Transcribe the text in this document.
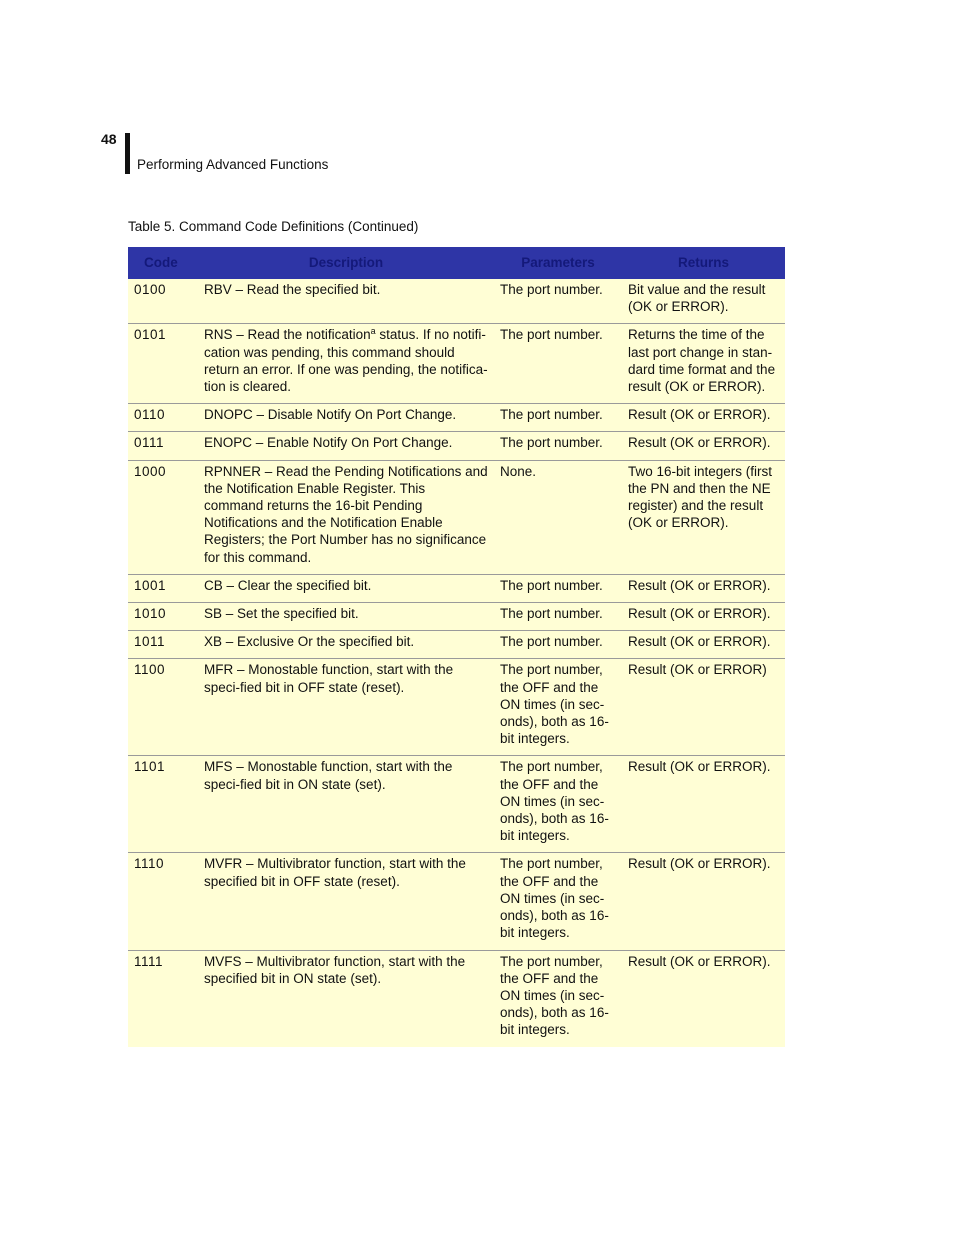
48
Performing Advanced Functions
Table 5. Command Code Definitions (Continued)
Code	Description	Parameters	Returns
0100	RBV – Read the specified bit.	The port number.	Bit value and the result (OK or ERROR).
0101	RNS – Read the notification$^a$ status. If no notifi-cation was pending, this command should return an error. If one was pending, the notifica-tion is cleared.	The port number.	Returns the time of the last port change in stan-dard time format and the result (OK or ERROR).
0110	DNOPC – Disable Notify On Port Change.	The port number.	Result (OK or ERROR).
0111	ENOPC – Enable Notify On Port Change.	The port number.	Result (OK or ERROR).
1000	RPNNER – Read the Pending Notifications and the Notification Enable Register. This command returns the 16-bit Pending Notifications and the Notification Enable Registers; the Port Number has no significance for this command.	None.	Two 16-bit integers (first the PN and then the NE register) and the result (OK or ERROR).
1001	CB – Clear the specified bit.	The port number.	Result (OK or ERROR).
1010	SB – Set the specified bit.	The port number.	Result (OK or ERROR).
1011	XB – Exclusive Or the specified bit.	The port number.	Result (OK or ERROR).
1100	MFR – Monostable function, start with the speci-fied bit in OFF state (reset).	The port number, the OFF and the ON times (in sec-onds), both as 16-bit integers.	Result (OK or ERROR)
1101	MFS – Monostable function, start with the speci-fied bit in ON state (set).	The port number, the OFF and the ON times (in sec-onds), both as 16-bit integers.	Result (OK or ERROR).
1110	MVFR – Multivibrator function, start with the specified bit in OFF state (reset).	The port number, the OFF and the ON times (in sec-onds), both as 16-bit integers.	Result (OK or ERROR).
1111	MVFS – Multivibrator function, start with the specified bit in ON state (set).	The port number, the OFF and the ON times (in sec-onds), both as 16-bit integers.	Result (OK or ERROR).
